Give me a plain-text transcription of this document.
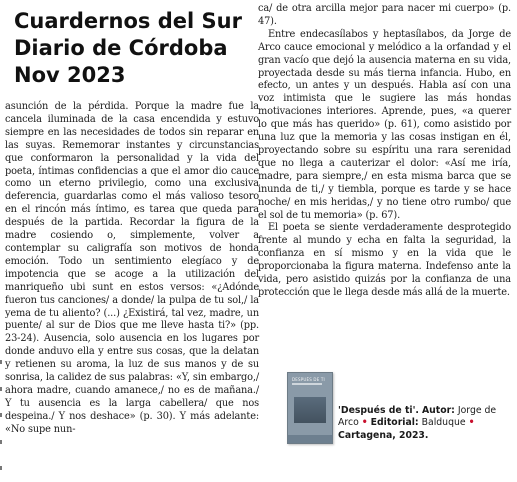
Cuardernos del Sur
Diario de Córdoba
Nov 2023

asunción de la pérdida. Porque la madre fue la cancela iluminada de la casa encendida y estuvo siempre en las necesidades de todos sin reparar en las suyas. Rememorar instantes y circunstancias que conformaron la personalidad y la vida del poeta, íntimas confidencias a que el amor dio cauce como un eterno privilegio, como una exclusiva deferencia, guardarlas como el más valioso tesoro en el rincón más íntimo, es tarea que queda para después de la partida. Recordar la figura de la madre cosiendo o, simplemente, volver a contemplar su caligrafía son motivos de honda emoción. Todo un sentimiento elegíaco y de impotencia que se acoge a la utilización del manriqueño ubi sunt en estos versos: «¿Adónde fueron tus canciones/ a donde/ la pulpa de tu sol,/ la yema de tu aliento? (...) ¿Existirá, tal vez, madre, un puente/ al sur de Dios que me lleve hasta ti?» (pp. 23-24). Ausencia, solo ausencia en los lugares por donde anduvo ella y entre sus cosas, que la delatan y retienen su aroma, la luz de sus manos y de su sonrisa, la calidez de sus palabras: «Y, sin embargo,/ ahora madre, cuando amanece,/ no es de mañana./ Y tu ausencia es la larga cabellera/ que nos despeina./ Y nos deshace» (p. 30). Y más adelante: «No supe nun-

ca/ de otra arcilla mejor para nacer mi cuerpo» (p. 47).

Entre endecasílabos y heptasílabos, da Jorge de Arco cauce emocional y melódico a la orfandad y el gran vacío que dejó la ausencia materna en su vida, proyectada desde su más tierna infancia. Hubo, en efecto, un antes y un después. Habla así con una voz intimista que le sugiere las más hondas motivaciones interiores. Aprende, pues, «a querer lo que más has querido» (p. 61), como asistido por una luz que la memoria y las cosas instigan en él, proyectando sobre su espíritu una rara serenidad que no llega a cauterizar el dolor: «Así me iría, madre, para siempre,/ en esta misma barca que se inunda de ti,/ y tiembla, porque es tarde y se hace noche/ en mis heridas,/ y no tiene otro rumbo/ que el sol de tu memoria» (p. 67).

El poeta se siente verdaderamente desprotegido frente al mundo y echa en falta la seguridad, la confianza en sí mismo y en la vida que le proporcionaba la figura materna. Indefenso ante la vida, pero asistido quizás por la confianza de una protección que le llega desde más allá de la muerte.

DESPUÉS DE TI
'Después de ti'. Autor: Jorge de Arco • Editorial: Balduque • Cartagena, 2023.
